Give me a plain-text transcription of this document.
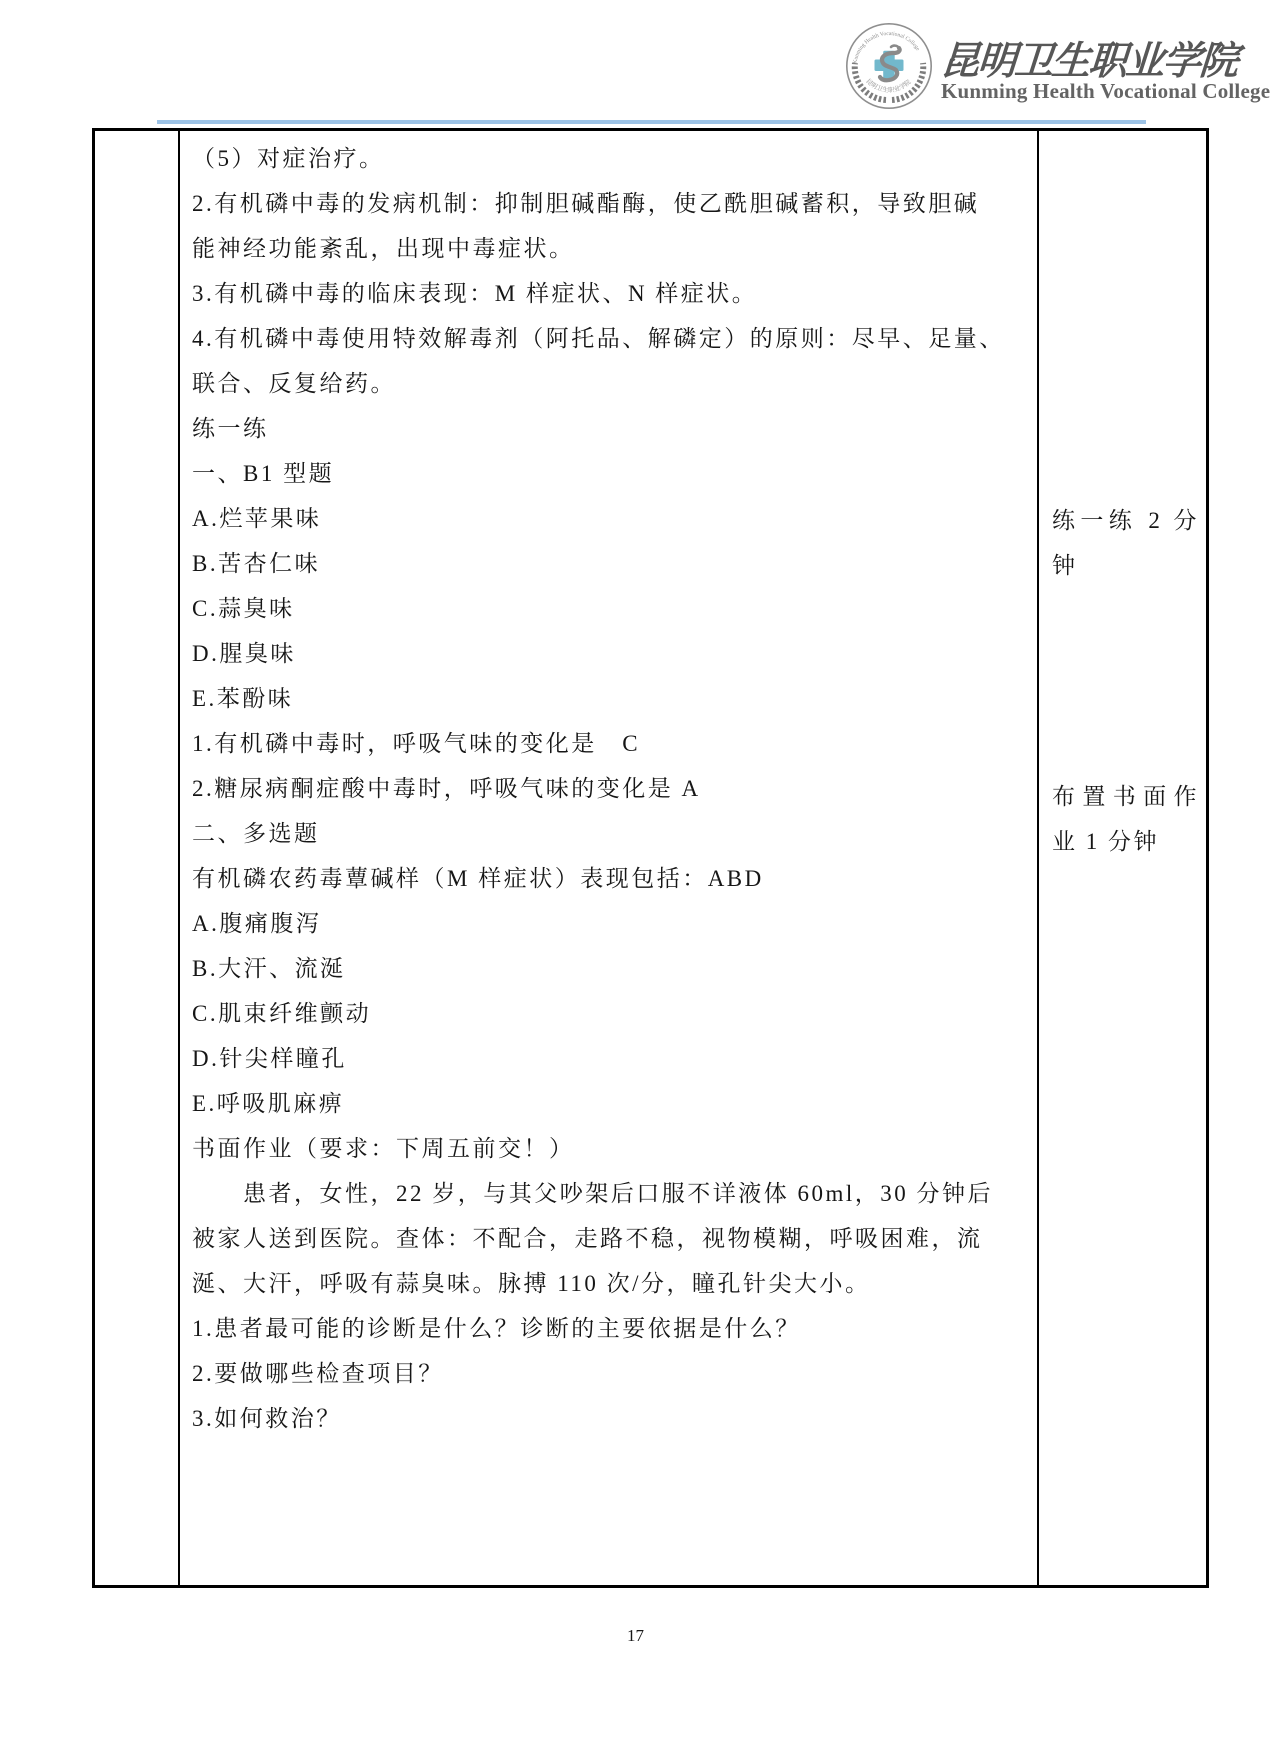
Kunming Health Vocational College
昆明卫生职业学院
昆明卫生职业学院
Kunming Health Vocational College
（5）对症治疗。
2.有机磷中毒的发病机制：抑制胆碱酯酶，使乙酰胆碱蓄积，导致胆碱
能神经功能紊乱，出现中毒症状。
3.有机磷中毒的临床表现：M 样症状、N 样症状。
4.有机磷中毒使用特效解毒剂（阿托品、解磷定）的原则：尽早、足量、
联合、反复给药。
练一练
一、B1 型题
A.烂苹果味
B.苦杏仁味
C.蒜臭味
D.腥臭味
E.苯酚味
1.有机磷中毒时，呼吸气味的变化是　C
2.糖尿病酮症酸中毒时，呼吸气味的变化是 A
二、多选题
有机磷农药毒蕈碱样（M 样症状）表现包括：ABD
A.腹痛腹泻
B.大汗、流涎
C.肌束纤维颤动
D.针尖样瞳孔
E.呼吸肌麻痹
书面作业（要求：下周五前交！）
　　患者，女性，22 岁，与其父吵架后口服不详液体 60ml，30 分钟后
被家人送到医院。查体：不配合，走路不稳，视物模糊，呼吸困难，流
涎、大汗，呼吸有蒜臭味。脉搏 110 次/分，瞳孔针尖大小。
1.患者最可能的诊断是什么？诊断的主要依据是什么？
2.要做哪些检查项目？
3.如何救治？
练一练 2 分
钟
布置书面作
业 1 分钟
17
